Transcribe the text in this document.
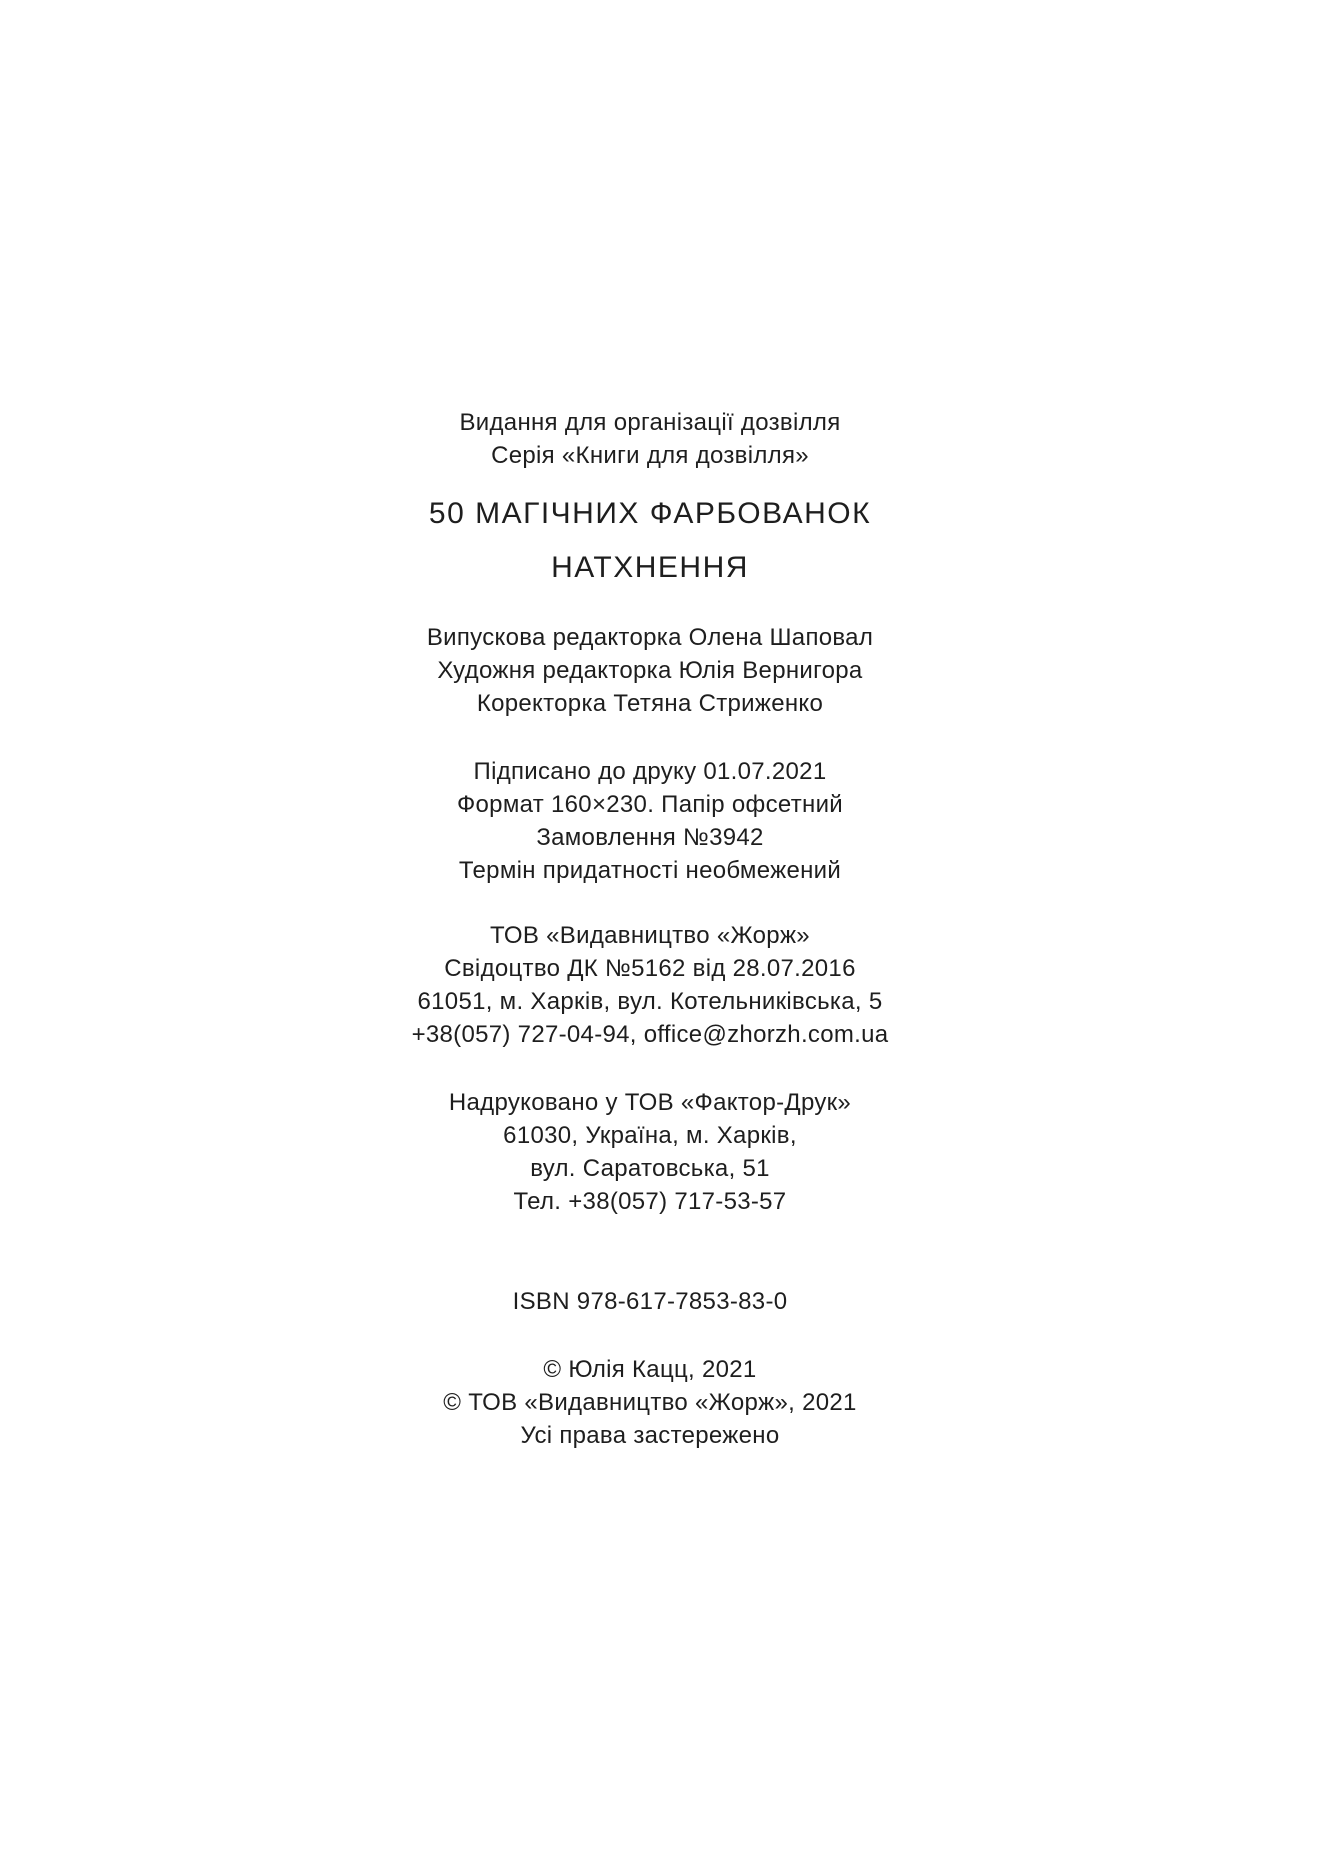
Видання для організації дозвілля
Серія «Книги для дозвілля»
50 МАГІЧНИХ ФАРБОВАНОК
НАТХНЕННЯ
Випускова редакторка Олена Шаповал
Художня редакторка Юлія Вернигора
Коректорка Тетяна Стриженко
Підписано до друку 01.07.2021
Формат 160×230. Папір офсетний
Замовлення №3942
Термін придатності необмежений
ТОВ «Видавництво «Жорж»
Свідоцтво ДК №5162 від 28.07.2016
61051, м. Харків, вул. Котельниківська, 5
+38(057) 727-04-94, office@zhorzh.com.ua
Надруковано у ТОВ «Фактор-Друк»
61030, Україна, м. Харків,
вул. Саратовська, 51
Тел. +38(057) 717-53-57
ISBN 978-617-7853-83-0
© Юлія Кацц, 2021
© ТОВ «Видавництво «Жорж», 2021
Усі права застережено
